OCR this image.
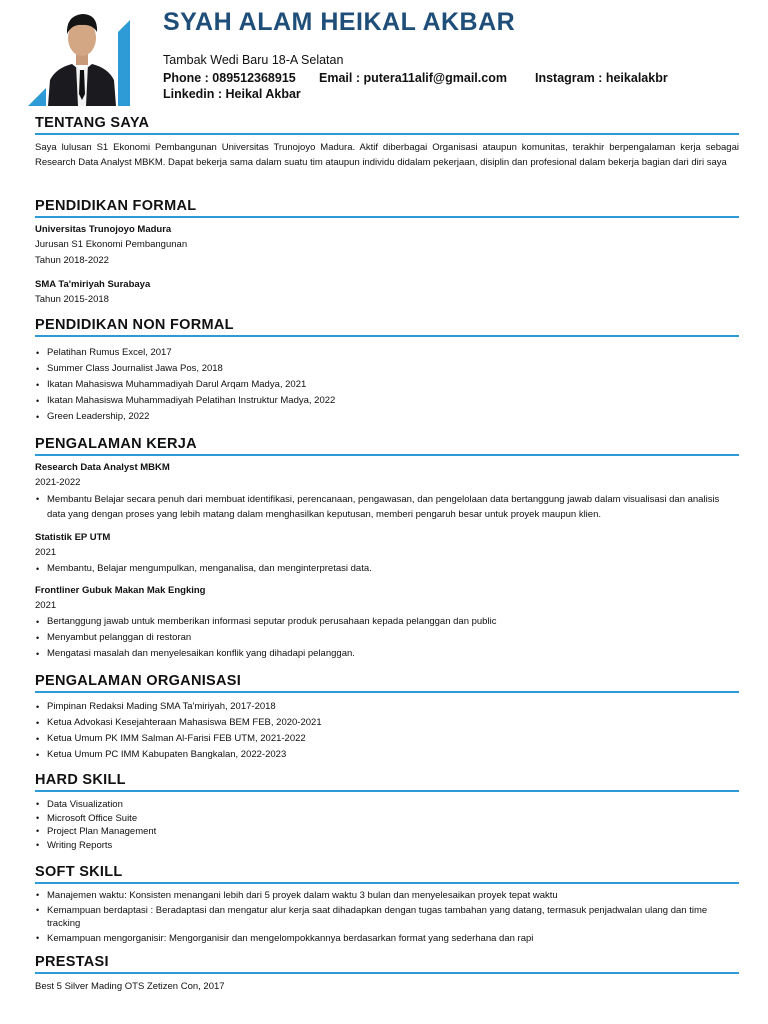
SYAH ALAM HEIKAL AKBAR
Tambak Wedi Baru 18-A Selatan
Phone : 089512368915 Email : putera11alif@gmail.com Instagram : heikalakbr
Linkedin : Heikal Akbar
TENTANG SAYA
Saya lulusan S1 Ekonomi Pembangunan Universitas Trunojoyo Madura. Aktif diberbagai Organisasi ataupun komunitas, terakhir berpengalaman kerja sebagai Research Data Analyst MBKM. Dapat bekerja sama dalam suatu tim ataupun individu didalam pekerjaan, disiplin dan profesional dalam bekerja bagian dari diri saya
PENDIDIKAN FORMAL
Universitas Trunojoyo Madura
Jurusan S1 Ekonomi Pembangunan
Tahun 2018-2022
SMA Ta'miriyah Surabaya
Tahun 2015-2018
PENDIDIKAN NON FORMAL
• Pelatihan Rumus Excel, 2017
• Summer Class Journalist Jawa Pos, 2018
• Ikatan Mahasiswa Muhammadiyah Darul Arqam Madya, 2021
• Ikatan Mahasiswa Muhammadiyah Pelatihan Instruktur Madya, 2022
• Green Leadership, 2022
PENGALAMAN KERJA
Research Data Analyst MBKM
2021-2022
• Membantu Belajar secara penuh dari membuat identifikasi, perencanaan, pengawasan, dan pengelolaan data bertanggung jawab dalam visualisasi dan analisis data yang dengan proses yang lebih matang dalam menghasilkan keputusan, memberi pengaruh besar untuk proyek maupun klien.
Statistik EP UTM
2021
• Membantu, Belajar mengumpulkan, menganalisa, dan menginterpretasi data.
Frontliner Gubuk Makan Mak Engking
2021
• Bertanggung jawab untuk memberikan informasi seputar produk perusahaan kepada pelanggan dan public
• Menyambut pelanggan di restoran
• Mengatasi masalah dan menyelesaikan konflik yang dihadapi pelanggan.
PENGALAMAN ORGANISASI
• Pimpinan Redaksi Mading SMA Ta'miriyah, 2017-2018
• Ketua Advokasi Kesejahteraan Mahasiswa BEM FEB, 2020-2021
• Ketua Umum PK IMM Salman Al-Farisi FEB UTM, 2021-2022
• Ketua Umum PC IMM Kabupaten Bangkalan, 2022-2023
HARD SKILL
• Data Visualization
• Microsoft Office Suite
• Project Plan Management
• Writing Reports
SOFT SKILL
• Manajemen waktu: Konsisten menangani lebih dari 5 proyek dalam waktu 3 bulan dan menyelesaikan proyek tepat waktu
• Kemampuan berdaptasi : Beradaptasi dan mengatur alur kerja saat dihadapkan dengan tugas tambahan yang datang, termasuk penjadwalan ulang dan time tracking
• Kemampuan mengorganisir: Mengorganisir dan mengelompokkannya berdasarkan format yang sederhana dan rapi
PRESTASI
Best 5 Silver Mading OTS Zetizen Con, 2017
